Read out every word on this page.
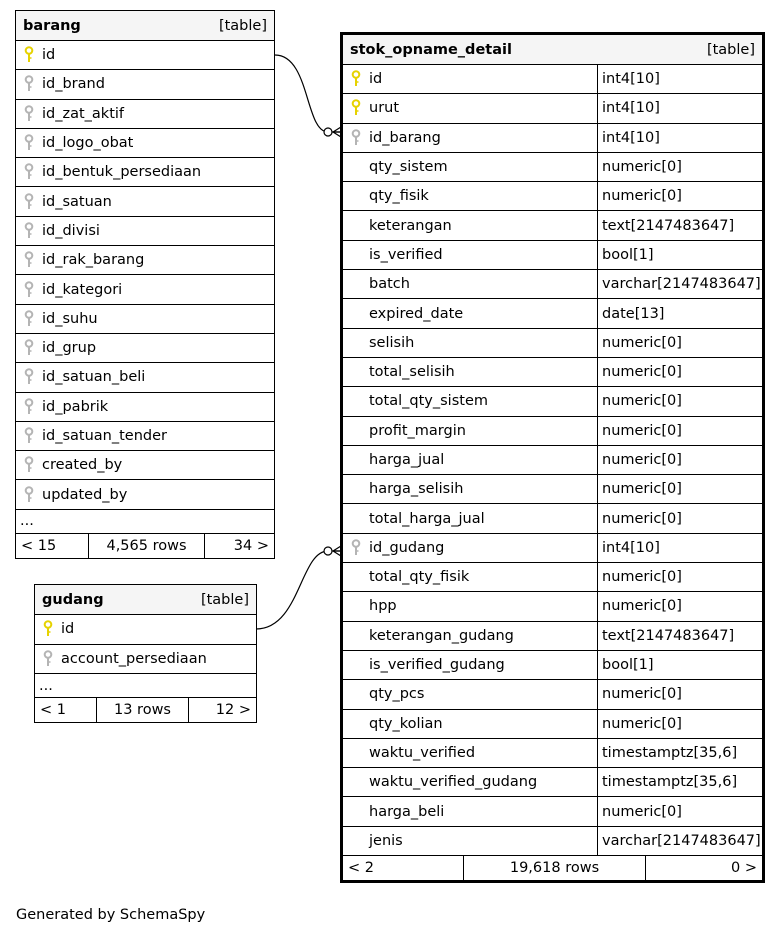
barang	[table]
id
id_brand
id_zat_aktif
id_logo_obat
id_bentuk_persediaan
id_satuan
id_divisi
id_rak_barang
id_kategori
id_suhu
id_grup
id_satuan_beli
id_pabrik
id_satuan_tender
created_by
updated_by
...
< 15	4,565 rows	34 >
gudang	[table]
id
account_persediaan
...
< 1	13 rows	12 >
stok_opname_detail	[table]
id	int4[10]
urut	int4[10]
id_barang	int4[10]
qty_sistem	numeric[0]
qty_fisik	numeric[0]
keterangan	text[2147483647]
is_verified	bool[1]
batch	varchar[2147483647]
expired_date	date[13]
selisih	numeric[0]
total_selisih	numeric[0]
total_qty_sistem	numeric[0]
profit_margin	numeric[0]
harga_jual	numeric[0]
harga_selisih	numeric[0]
total_harga_jual	numeric[0]
id_gudang	int4[10]
total_qty_fisik	numeric[0]
hpp	numeric[0]
keterangan_gudang	text[2147483647]
is_verified_gudang	bool[1]
qty_pcs	numeric[0]
qty_kolian	numeric[0]
waktu_verified	timestamptz[35,6]
waktu_verified_gudang	timestamptz[35,6]
harga_beli	numeric[0]
jenis	varchar[2147483647]
< 2	19,618 rows	0 >
Generated by SchemaSpy
